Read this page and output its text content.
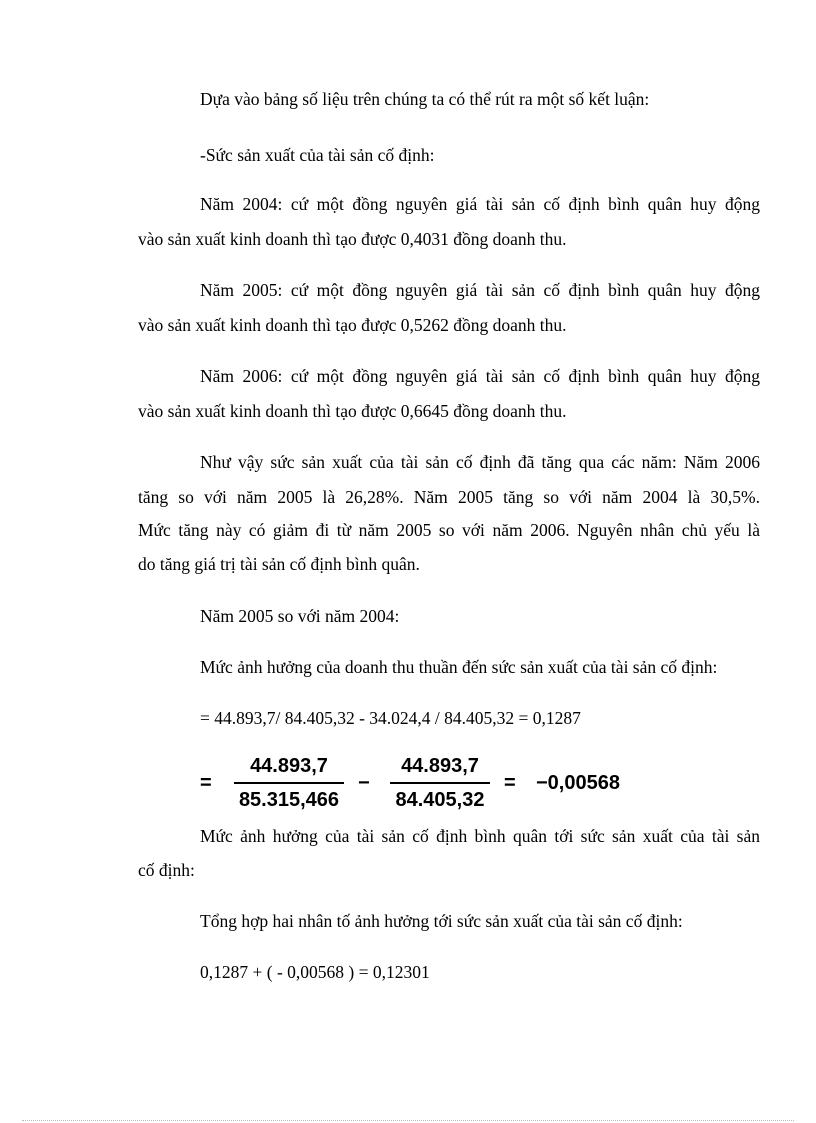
Dựa vào bảng số liệu trên chúng ta có thể rút ra một số kết luận:
-Sức sản xuất của tài sản cố định:
Năm 2004: cứ một đồng nguyên giá tài sản cố định bình quân huy động
vào sản xuất kinh doanh thì tạo được 0,4031 đồng doanh thu.
Năm 2005: cứ một đồng nguyên giá tài sản cố định bình quân huy động
vào sản xuất kinh doanh thì tạo được 0,5262 đồng doanh thu.
Năm 2006: cứ một đồng nguyên giá tài sản cố định bình quân huy động
vào sản xuất kinh doanh thì tạo được 0,6645 đồng doanh thu.
Như vậy sức sản xuất của tài sản cố định đã tăng qua các năm: Năm 2006
tăng so với năm 2005 là 26,28%. Năm 2005 tăng so với năm 2004 là 30,5%.
Mức tăng này có giảm đi từ năm 2005 so với năm 2006. Nguyên nhân chủ yếu là
do tăng giá trị tài sản cố định bình quân.
Năm 2005 so với năm 2004:
Mức ảnh hưởng của doanh thu thuần đến sức sản xuất của tài sản cố định:
= 44.893,7/ 84.405,32 - 34.024,4 / 84.405,32 = 0,1287
=
44.893,7
85.315,466
−
44.893,7
84.405,32
= −0,00568
Mức ảnh hưởng của tài sản cố định bình quân tới sức sản xuất của tài sản
cố định:
Tổng hợp hai nhân tố ảnh hưởng tới sức sản xuất của tài sản cố định:
0,1287 + ( - 0,00568 ) = 0,12301
